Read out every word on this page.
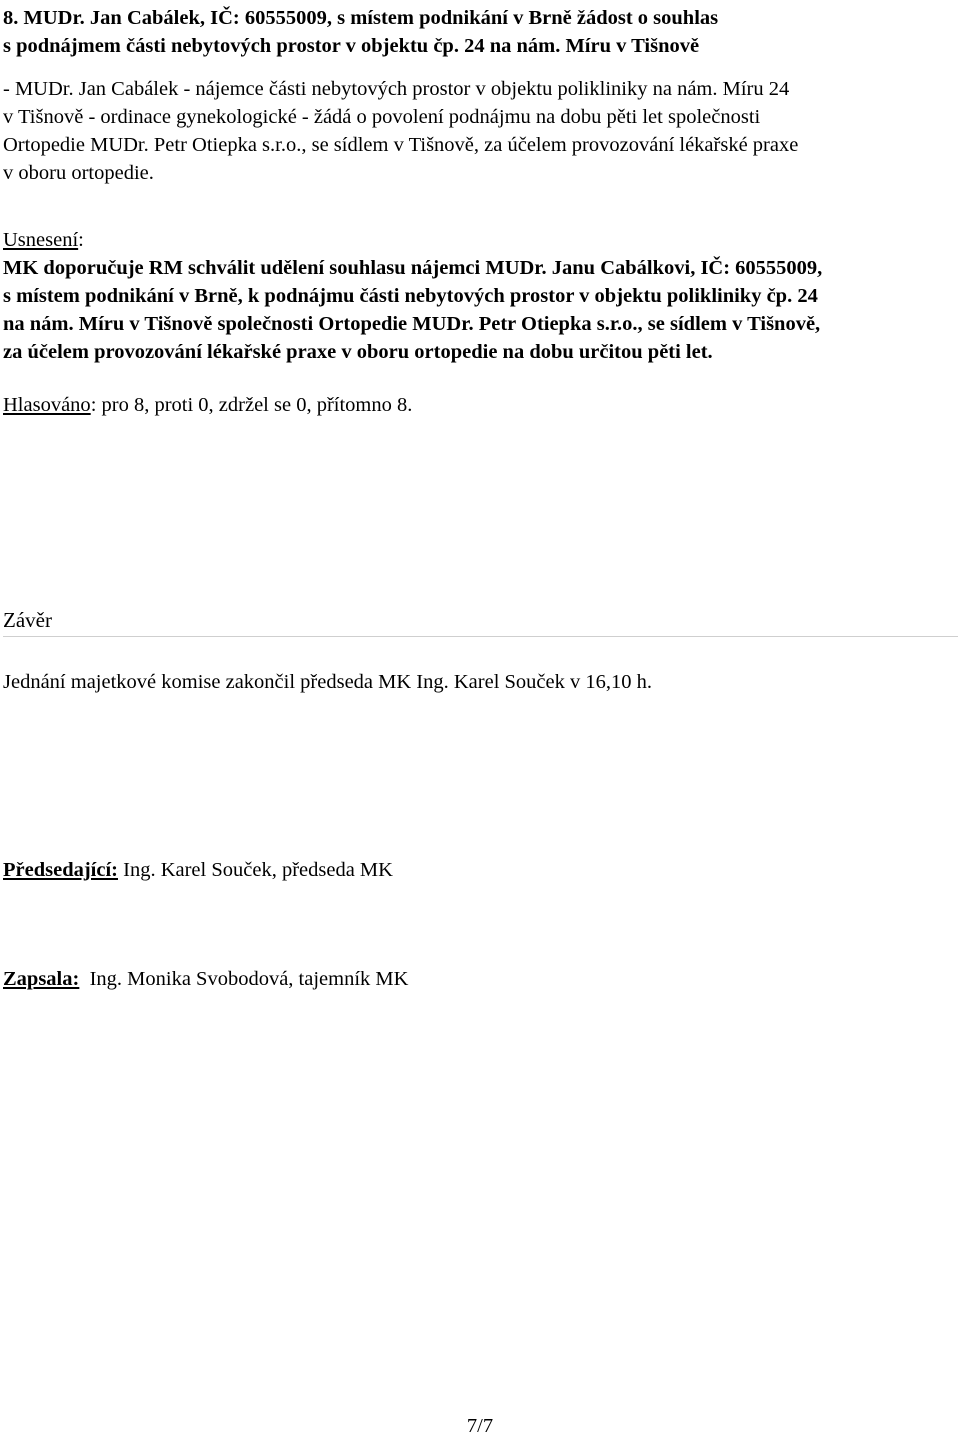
8. MUDr. Jan Cabálek, IČ: 60555009, s místem podnikání v Brně žádost o souhlas
s podnájmem části nebytových prostor v objektu čp. 24 na nám. Míru v Tišnově
- MUDr. Jan Cabálek - nájemce části nebytových prostor v objektu polikliniky na nám. Míru 24
v Tišnově - ordinace gynekologické - žádá o povolení podnájmu na dobu pěti let společnosti
Ortopedie MUDr. Petr Otiepka s.r.o., se sídlem v Tišnově, za účelem provozování lékařské praxe
v oboru ortopedie.
Usnesení:
MK doporučuje RM schválit udělení souhlasu nájemci MUDr. Janu Cabálkovi, IČ: 60555009,
s místem podnikání v Brně, k podnájmu části nebytových prostor v objektu polikliniky čp. 24
na nám. Míru v Tišnově společnosti Ortopedie MUDr. Petr Otiepka s.r.o., se sídlem v Tišnově,
za účelem provozování lékařské praxe v oboru ortopedie na dobu určitou pěti let.
Hlasováno: pro 8, proti 0, zdržel se 0, přítomno 8.
Závěr
Jednání majetkové komise zakončil předseda MK Ing. Karel Souček v 16,10 h.
Předsedající: Ing. Karel Souček, předseda MK
Zapsala:  Ing. Monika Svobodová, tajemník MK
7/7
